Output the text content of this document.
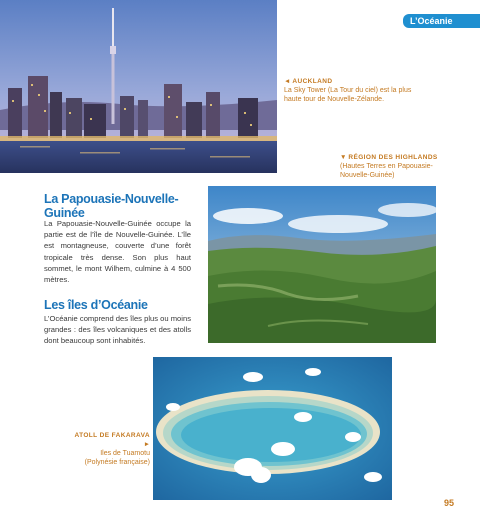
L’Océanie
◄ AUCKLAND
La Sky Tower (La Tour du ciel) est la plus haute tour de Nouvelle-Zélande.
▼ RÉGION DES HIGHLANDS
(Hautes Terres en Papouasie-Nouvelle-Guinée)
La Papouasie-Nouvelle-Guinée
La Papouasie-Nouvelle-Guinée occupe la partie est de l’île de Nouvelle-Guinée. L’île est montagneuse, couverte d’une forêt tropicale très dense. Son plus haut sommet, le mont Wilhem, culmine à 4 500 mètres.
Les îles d’Océanie
L’Océanie comprend des îles plus ou moins grandes : des îles volcaniques et des atolls dont beaucoup sont inhabités.
ATOLL DE FAKARAVA ►
Iles de Tuamotu (Polynésie française)
95
